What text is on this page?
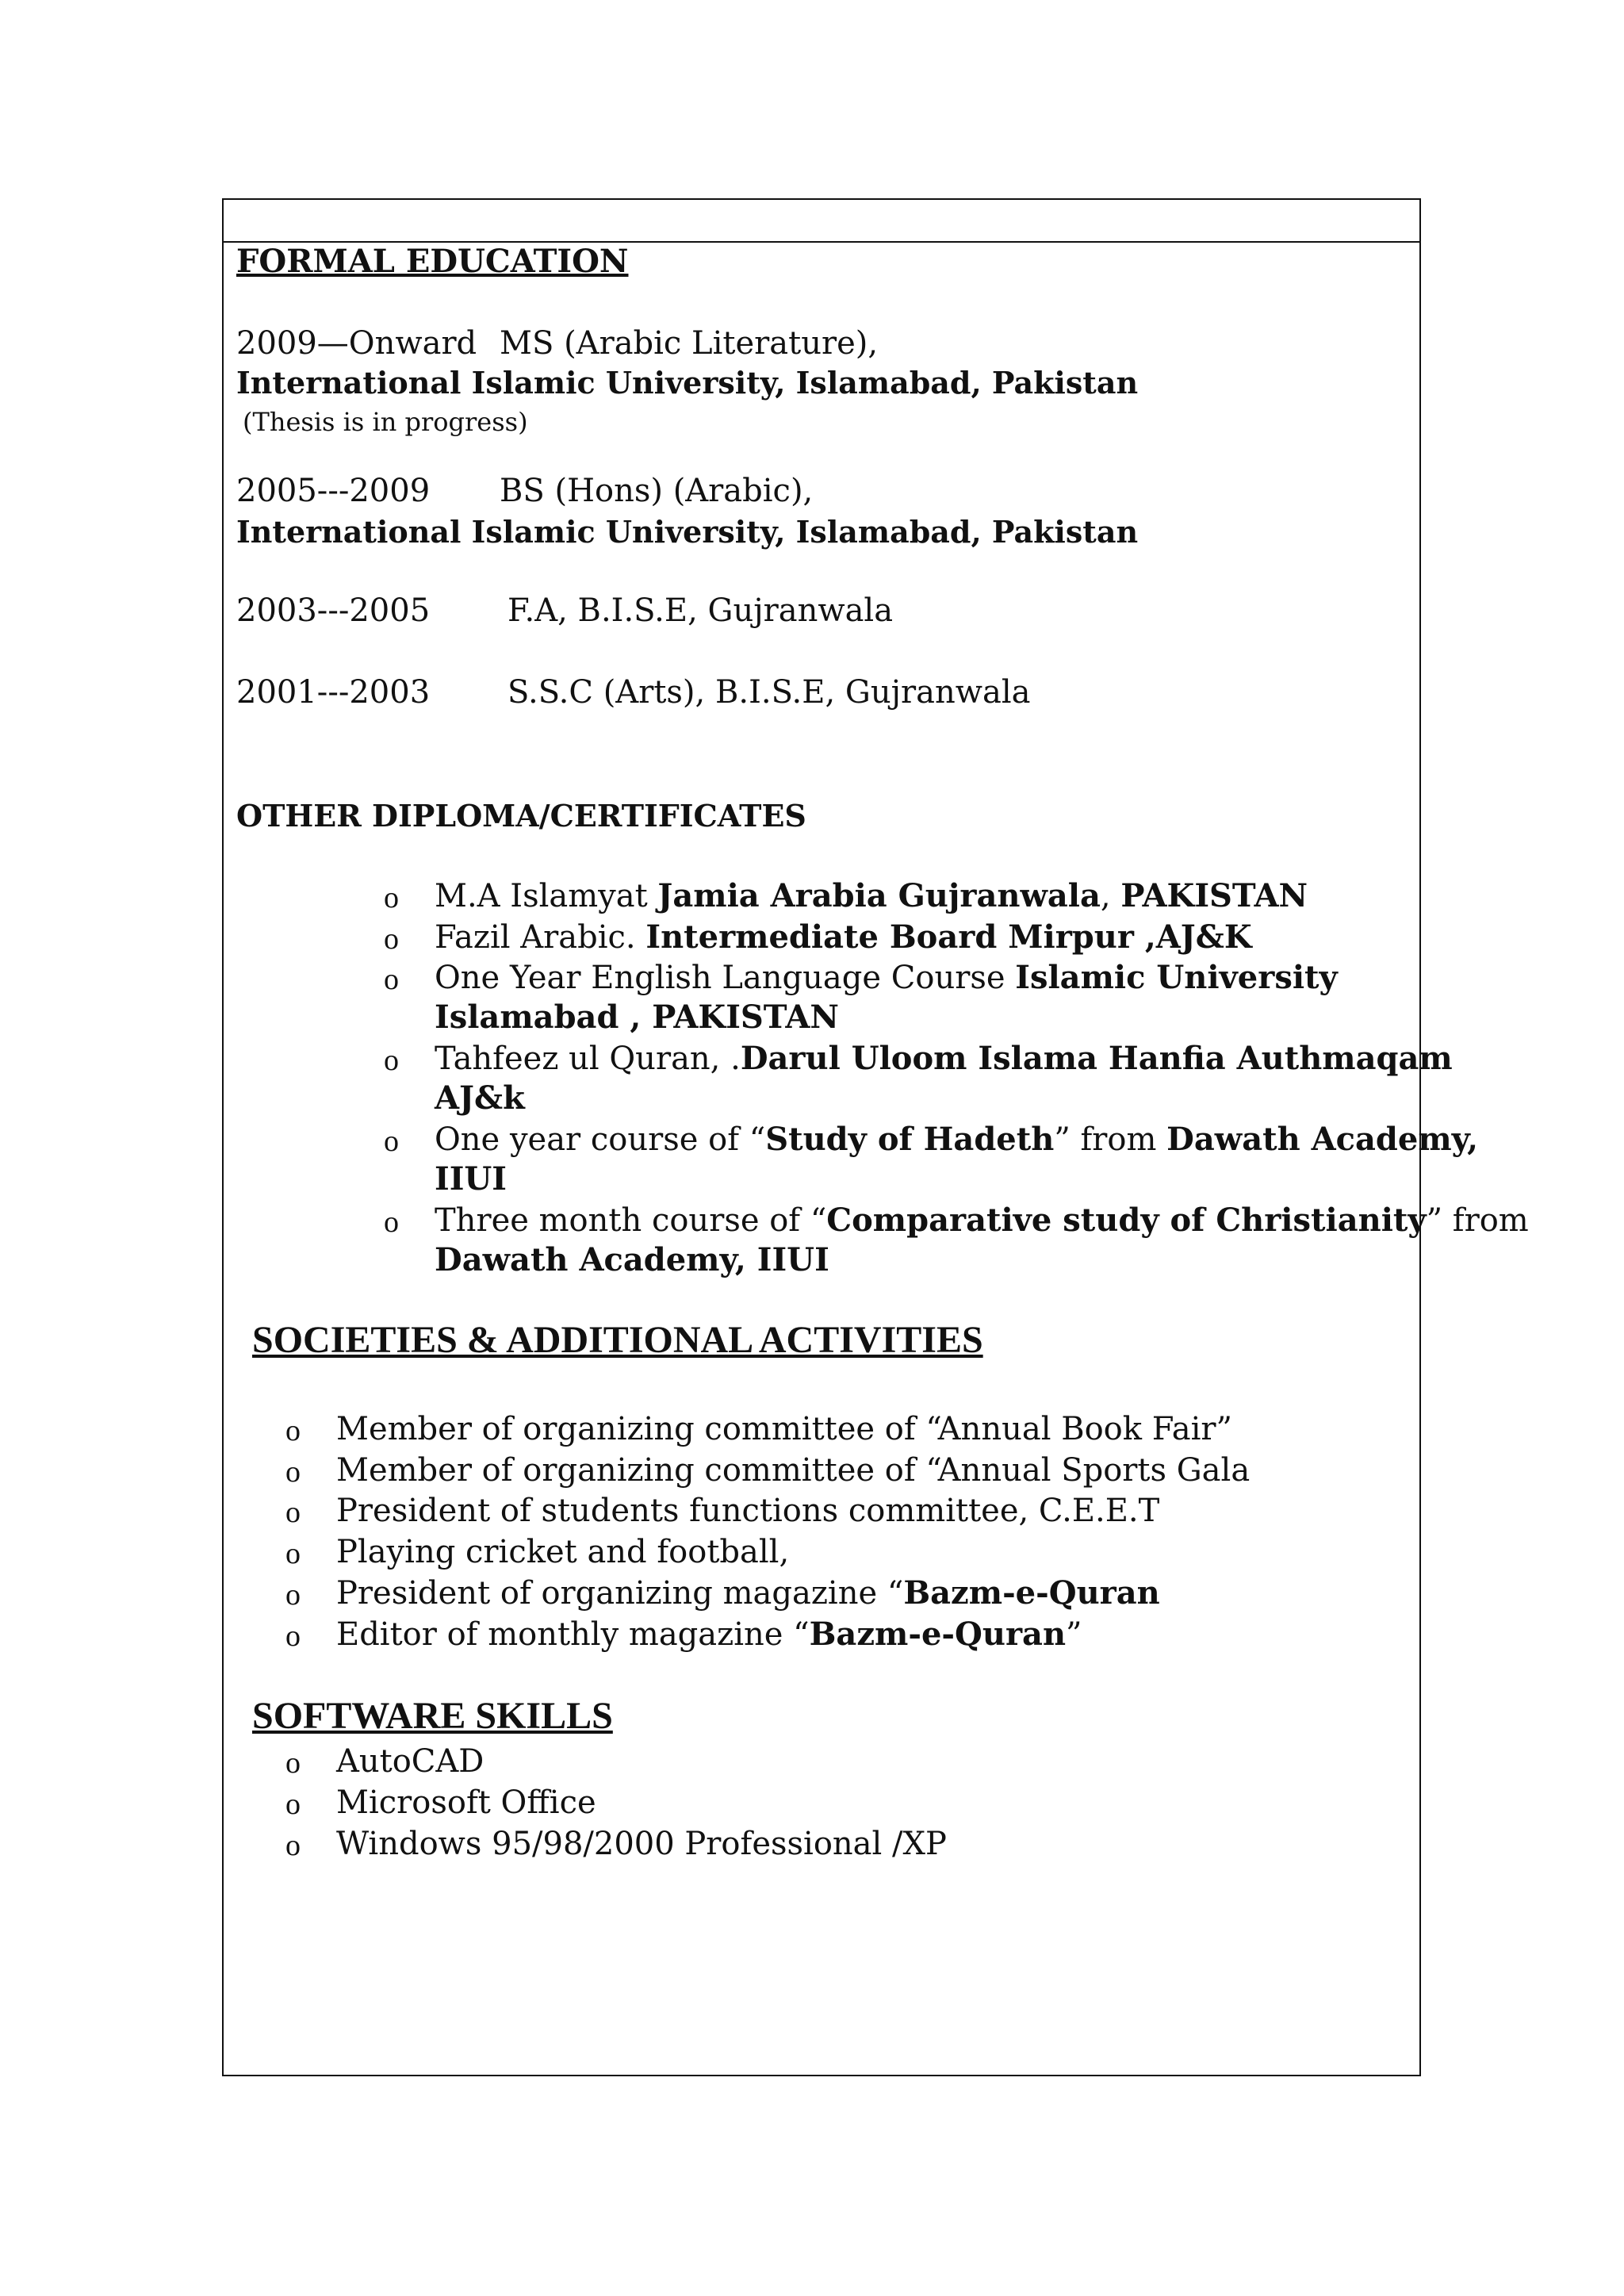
FORMAL EDUCATION
2009—Onward MS (Arabic Literature),
International Islamic University, Islamabad, Pakistan
(Thesis is in progress)
2005---2009 BS (Hons) (Arabic),
International Islamic University, Islamabad, Pakistan
2003---2005 F.A, B.I.S.E, Gujranwala
2001---2003 S.S.C (Arts), B.I.S.E, Gujranwala
OTHER DIPLOMA/CERTIFICATES
o M.A Islamyat Jamia Arabia Gujranwala, PAKISTAN
o Fazil Arabic. Intermediate Board Mirpur ,AJ&K
o One Year English Language Course Islamic University
Islamabad , PAKISTAN
o Tahfeez ul Quran, .Darul Uloom Islama Hanfia Authmaqam
AJ&k
o One year course of “Study of Hadeth” from Dawath Academy,
IIUI
o Three month course of “Comparative study of Christianity” from
Dawath Academy, IIUI
SOCIETIES & ADDITIONAL ACTIVITIES
o Member of organizing committee of “Annual Book Fair”
o Member of organizing committee of “Annual Sports Gala
o President of students functions committee, C.E.E.T
o Playing cricket and football,
o President of organizing magazine “Bazm-e-Quran
o Editor of monthly magazine “Bazm-e-Quran”
SOFTWARE SKILLS
o AutoCAD
o Microsoft Office
o Windows 95/98/2000 Professional /XP
